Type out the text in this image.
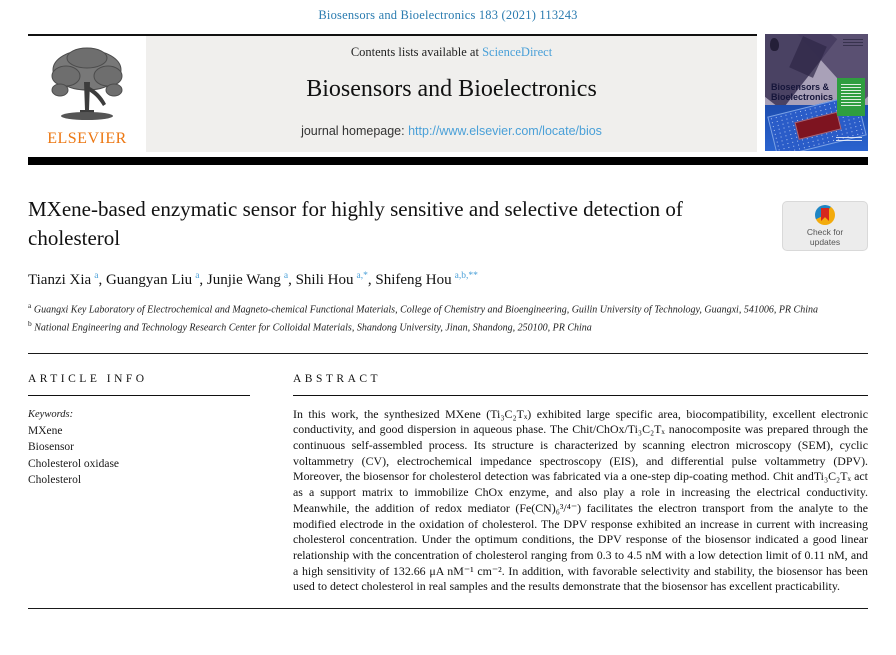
Biosensors and Bioelectronics 183 (2021) 113243
ELSEVIER
Contents lists available at ScienceDirect
Biosensors and Bioelectronics
journal homepage: http://www.elsevier.com/locate/bios
Biosensors &
Bioelectronics
MXene-based enzymatic sensor for highly sensitive and selective detection of cholesterol	Check for
updates
Tianzi Xia  $^a$, Guangyan Liu  $^a$, Junjie Wang  $^a$, Shili Hou  $^{a,*}$, Shifeng Hou  $^{a,b,**}$
$^a$ Guangxi Key Laboratory of Electrochemical and Magneto-chemical Functional Materials, College of Chemistry and Bioengineering, Guilin University of Technology, Guangxi, 541006, PR China
$^b$ National Engineering and Technology Research Center for Colloidal Materials, Shandong University, Jinan, Shandong, 250100, PR China
ARTICLE INFO
Keywords:
MXene
Biosensor
Cholesterol oxidase
Cholesterol
ABSTRACT
In this work, the synthesized MXene (Ti₃C₂Tₓ) exhibited large specific area, biocompatibility, excellent electronic conductivity, and good dispersion in aqueous phase. The Chit/ChOx/Ti₃C₂Tₓ nanocomposite was prepared through the continuous self-assembled process. Its structure is characterized by scanning electron microscopy (SEM), cyclic voltammetry (CV), electrochemical impedance spectroscopy (EIS), and differential pulse voltammetry (DPV). Moreover, the biosensor for cholesterol detection was fabricated via a one-step dip-coating method. Chit andTi₃C₂Tₓ act as a support matrix to immobilize ChOx enzyme, and also play a role in increasing the electrical conductivity. Meanwhile, the addition of redox mediator (Fe(CN)₆³/⁴⁻) facilitates the electron transport from the analyte to the modified electrode in the oxidation of cholesterol. The DPV response exhibited an increase in current with increasing cholesterol concentration. Under the optimum conditions, the DPV response of the biosensor indicated a good linear relationship with the concentration of cholesterol ranging from 0.3 to 4.5 nM with a low detection limit of 0.11 nM, and a high sensitivity of 132.66 μA nM⁻¹ cm⁻². In addition, with favorable selectivity and stability, the biosensor has been used to detect cholesterol in real samples and the results demonstrate that the biosensor has excellent practicability.
